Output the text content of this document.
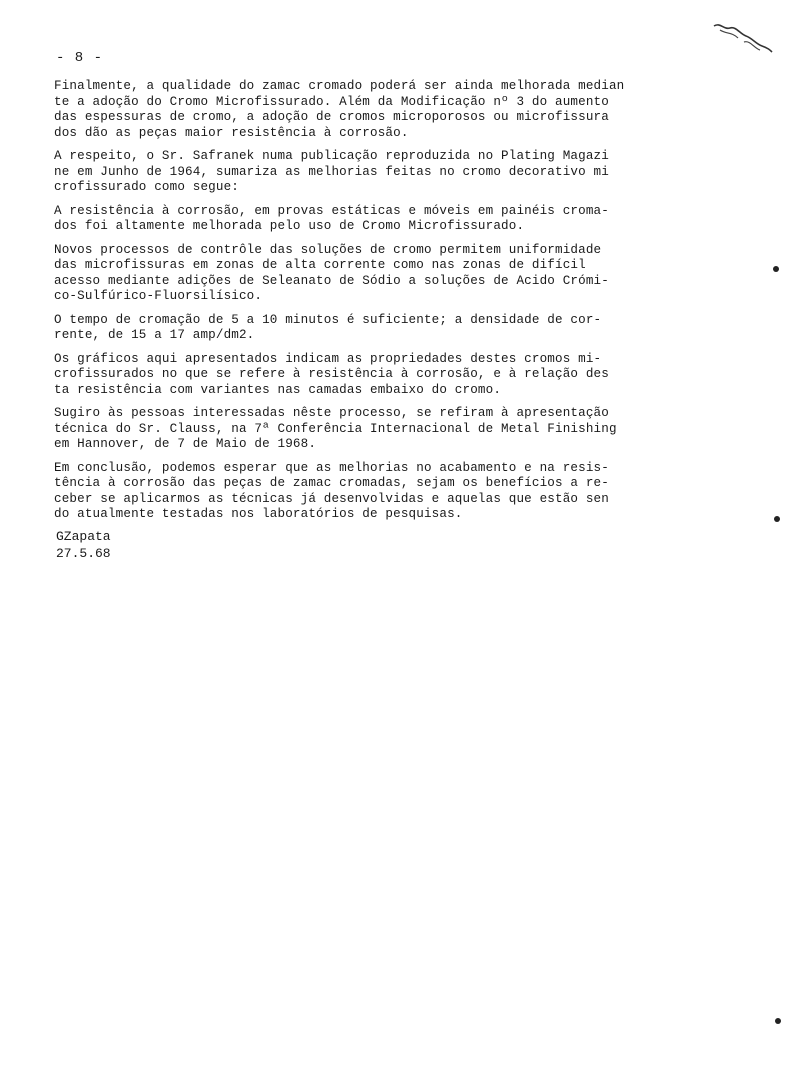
- 8 -
Finalmente, a qualidade do zamac cromado poderá ser ainda melhorada median
te a adoção do Cromo Microfissurado. Além da Modificação nº 3 do aumento
das espessuras de cromo, a adoção de cromos microporosos ou microfissura
dos dão as peças maior resistência à corrosão.
A respeito, o Sr. Safranek numa publicação reproduzida no Plating Magazi
ne em Junho de 1964, sumariza as melhorias feitas no cromo decorativo mi
crofissurado como segue:
A resistência à corrosão, em provas estáticas e móveis em painéis croma-
dos foi altamente melhorada pelo uso de Cromo Microfissurado.
Novos processos de contrôle das soluções de cromo permitem uniformidade
das microfissuras em zonas de alta corrente como nas zonas de difícil
acesso mediante adições de Seleanato de Sódio a soluções de Acido Crómi-
co-Sulfúrico-Fluorsilísico.
O tempo de cromação de 5 a 10 minutos é suficiente; a densidade de cor-
rente, de 15 a 17 amp/dm2.
Os gráficos aqui apresentados indicam as propriedades destes cromos mi-
crofissurados no que se refere à resistência à corrosão, e à relação des
ta resistência com variantes nas camadas embaixo do cromo.
Sugiro às pessoas interessadas nêste processo, se refiram à apresentação
técnica do Sr. Clauss, na 7ª Conferência Internacional de Metal Finishing
em Hannover, de 7 de Maio de 1968.
Em conclusão, podemos esperar que as melhorias no acabamento e na resis-
tência à corrosão das peças de zamac cromadas, sejam os benefícios a re-
ceber se aplicarmos as técnicas já desenvolvidas e aquelas que estão sen
do atualmente testadas nos laboratórios de pesquisas.
GZapata
27.5.68
